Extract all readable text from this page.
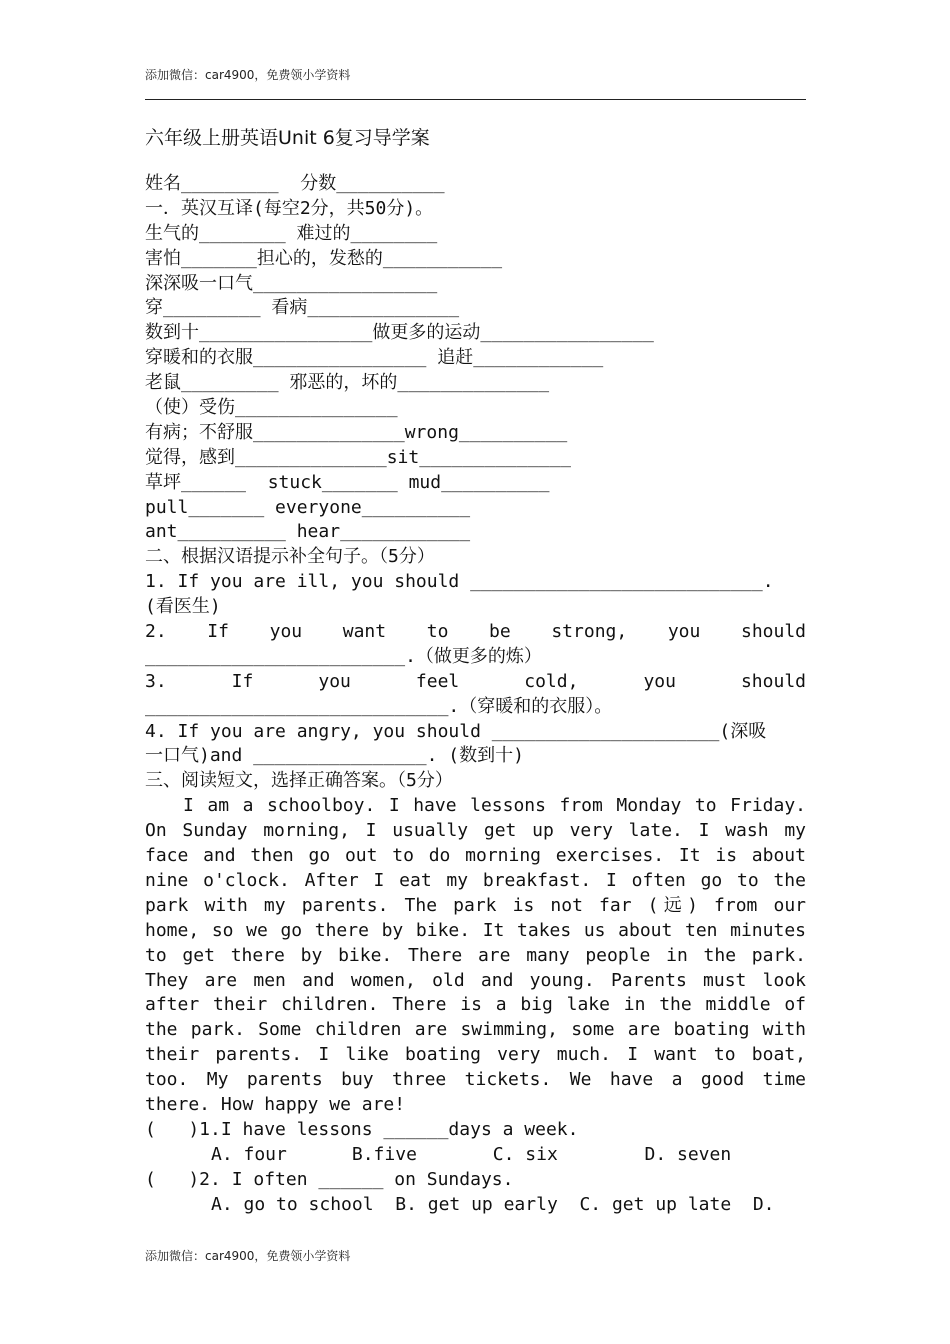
添加微信：car4900，免费领小学资料
六年级上册英语Unit 6复习导学案
姓名_________  分数__________
一．英汉互译(每空2分，共50分)。
生气的________ 难过的________
害怕_______担心的，发愁的___________
深深吸一口气_________________
穿_________ 看病______________
数到十________________做更多的运动________________
穿暖和的衣服________________ 追赶____________
老鼠_________ 邪恶的，坏的______________
（使）受伤_______________
有病；不舒服______________wrong__________
觉得，感到______________sit______________
草坪______  stuck_______ mud__________
pull_______ everyone__________
ant__________ hear____________
二、根据汉语提示补全句子。（5分）
1. If you are ill, you should ___________________________.
(看医生)
2. If you want to be strong, you should
________________________.（做更多的炼）
3. If you feel cold, you should
____________________________.（穿暖和的衣服）。
4. If you are angry, you should _____________________(深吸
一口气)and ________________. (数到十)
三、阅读短文，选择正确答案。（5分）
I am a schoolboy. I have lessons from Monday to Friday.
On Sunday morning, I usually get up very late. I wash my
face and then go out to do morning exercises. It is about
nine o'clock. After I eat my breakfast. I often go to the
park with my parents. The park is not far (远) from our
home, so we go there by bike. It takes us about ten minutes
to get there by bike. There are many people in the park.
They are men and women, old and young. Parents must look
after their children. There is a big lake in the middle of
the park. Some children are swimming, some are boating with
their parents. I like boating very much. I want to boat,
too. My parents buy three tickets. We have a good time
there. How happy we are!
(   )1.I have lessons ______days a week.
A. four      B.five       C. six        D. seven
(   )2. I often ______ on Sundays.
A. go to school  B. get up early  C. get up late  D.
添加微信：car4900，免费领小学资料
